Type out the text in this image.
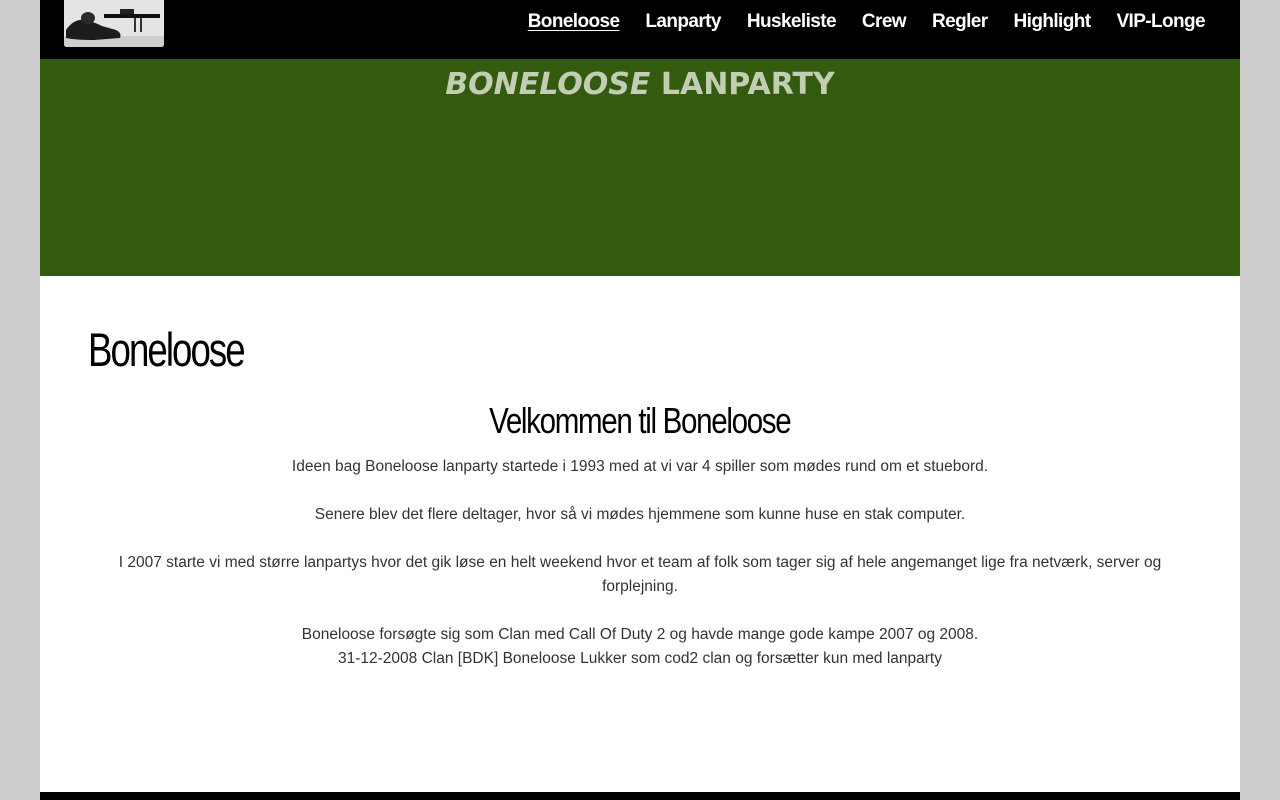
Boneloose Lanparty Huskeliste Crew Regler Highlight VIP-Longe
BONELOOSE LANPARTY
Boneloose
Velkommen til Boneloose

Ideen bag Boneloose lanparty startede i 1993 med at vi var 4 spiller som mødes rund om et stuebord.

Senere blev det flere deltager, hvor så vi mødes hjemmene som kunne huse en stak computer.

I 2007 starte vi med større lanpartys hvor det gik løse en helt weekend hvor et team af folk som tager sig af hele angemanget lige fra netværk, server og forplejning.

Boneloose forsøgte sig som Clan med Call Of Duty 2 og havde mange gode kampe 2007 og 2008.

31-12-2008 Clan [BDK] Boneloose Lukker som cod2 clan og forsætter kun med lanparty
